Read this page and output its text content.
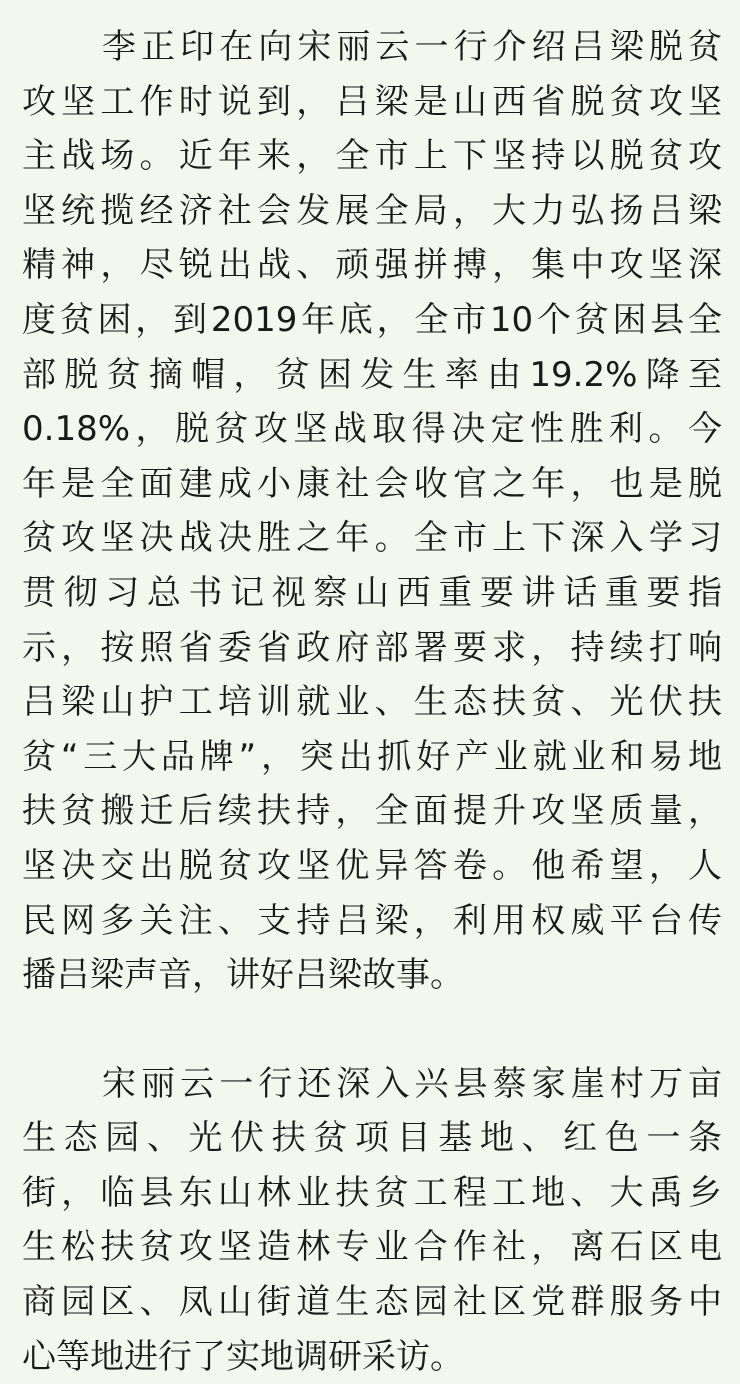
李正印在向宋丽云一行介绍吕梁脱贫
攻坚工作时说到，吕梁是山西省脱贫攻坚
主战场。近年来，全市上下坚持以脱贫攻
坚统揽经济社会发展全局，大力弘扬吕梁
精神，尽锐出战、顽强拼搏，集中攻坚深
度贫困，到2019年底，全市10个贫困县全
部脱贫摘帽，贫困发生率由19.2%降至
0.18%，脱贫攻坚战取得决定性胜利。今
年是全面建成小康社会收官之年，也是脱
贫攻坚决战决胜之年。全市上下深入学习
贯彻习总书记视察山西重要讲话重要指
示，按照省委省政府部署要求，持续打响
吕梁山护工培训就业、生态扶贫、光伏扶
贫“三大品牌”，突出抓好产业就业和易地
扶贫搬迁后续扶持，全面提升攻坚质量，
坚决交出脱贫攻坚优异答卷。他希望，人
民网多关注、支持吕梁，利用权威平台传
播吕梁声音，讲好吕梁故事。
宋丽云一行还深入兴县蔡家崖村万亩
生态园、光伏扶贫项目基地、红色一条
街，临县东山林业扶贫工程工地、大禹乡
生松扶贫攻坚造林专业合作社，离石区电
商园区、凤山街道生态园社区党群服务中
心等地进行了实地调研采访。
